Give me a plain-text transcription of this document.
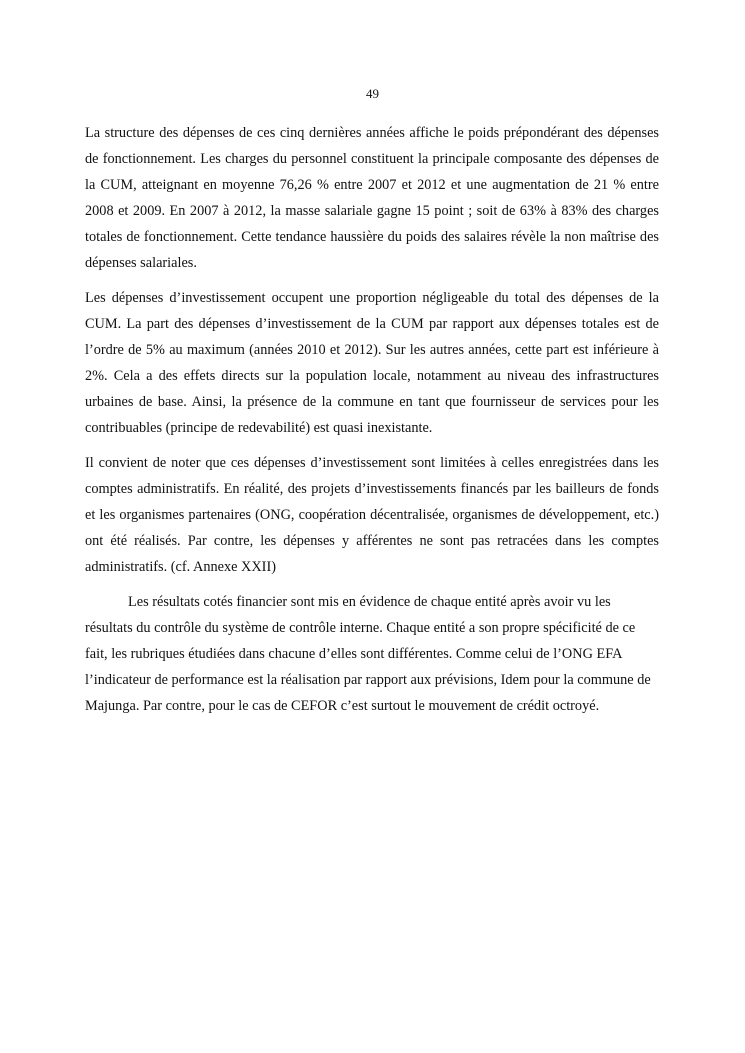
49

La structure des dépenses de ces cinq dernières années affiche le poids prépondérant des dépenses de fonctionnement. Les charges du personnel constituent la principale composante des dépenses de la CUM, atteignant en moyenne 76,26 % entre 2007 et 2012 et une augmentation de 21 % entre 2008 et 2009. En 2007 à 2012, la masse salariale gagne 15 point ; soit de 63% à 83% des charges totales de fonctionnement. Cette tendance haussière du poids des salaires révèle la non maîtrise des dépenses salariales.

Les dépenses d’investissement occupent une proportion négligeable du total des dépenses de la CUM. La part des dépenses d’investissement de la CUM par rapport aux dépenses totales est de l’ordre de 5% au maximum (années 2010 et 2012). Sur les autres années, cette part est inférieure à 2%. Cela a des effets directs sur la population locale, notamment au niveau des infrastructures urbaines de base. Ainsi, la présence de la commune en tant que fournisseur de services pour les contribuables (principe de redevabilité) est quasi inexistante.

Il convient de noter que ces dépenses d’investissement sont limitées à celles enregistrées dans les comptes administratifs. En réalité, des projets d’investissements financés par les bailleurs de fonds et les organismes partenaires (ONG, coopération décentralisée, organismes de développement, etc.) ont été réalisés. Par contre, les dépenses y afférentes ne sont pas retracées dans les comptes administratifs. (cf. Annexe XXII)

Les résultats cotés financier sont mis en évidence de chaque entité après avoir vu les résultats du contrôle du système de contrôle interne. Chaque entité a son propre spécificité de ce fait, les rubriques étudiées dans chacune d’elles sont différentes. Comme celui de l’ONG EFA l’indicateur de performance est la réalisation par rapport aux prévisions, Idem pour la commune de Majunga. Par contre, pour le cas de CEFOR c’est surtout le mouvement de crédit octroyé.
